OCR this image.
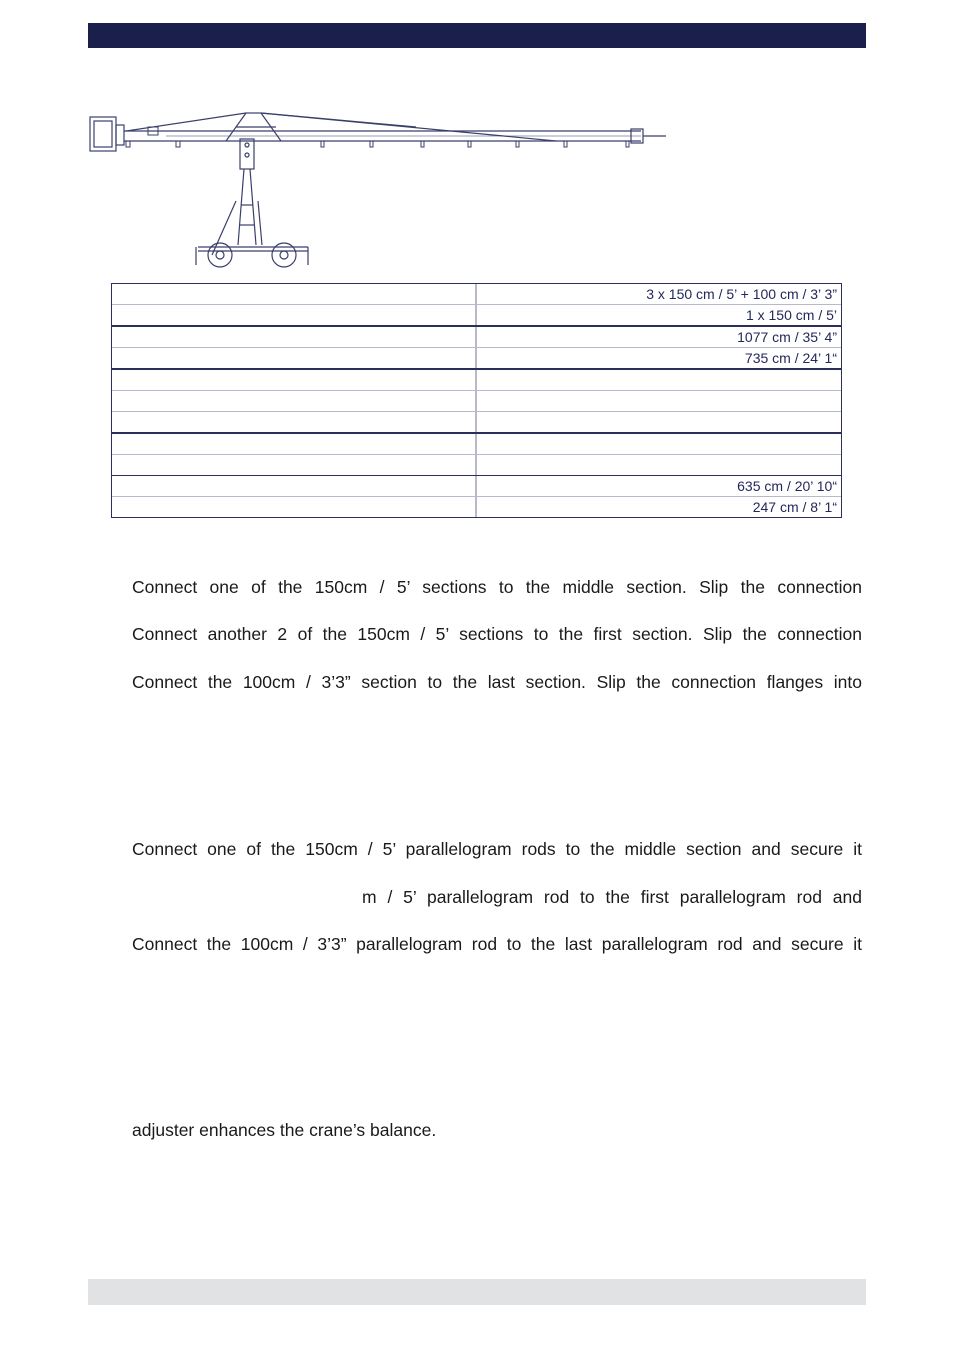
3 x 150 cm / 5’ + 100 cm / 3’ 3”
1 x 150 cm / 5’
1077 cm / 35’ 4”
735 cm / 24’ 1“
635 cm / 20’ 10“
247 cm / 8’ 1“
Connect one of the 150cm / 5’ sections to the middle section. Slip the connection
Connect another 2 of the 150cm / 5’ sections to the first section. Slip the connection
Connect the 100cm / 3’3” section to the last section. Slip the connection flanges into
Connect one of the 150cm / 5’ parallelogram rods to the middle section and secure it
m / 5’ parallelogram rod to the first parallelogram rod and
Connect the 100cm / 3’3” parallelogram rod to the last parallelogram rod and secure it
adjuster enhances the crane’s balance.
